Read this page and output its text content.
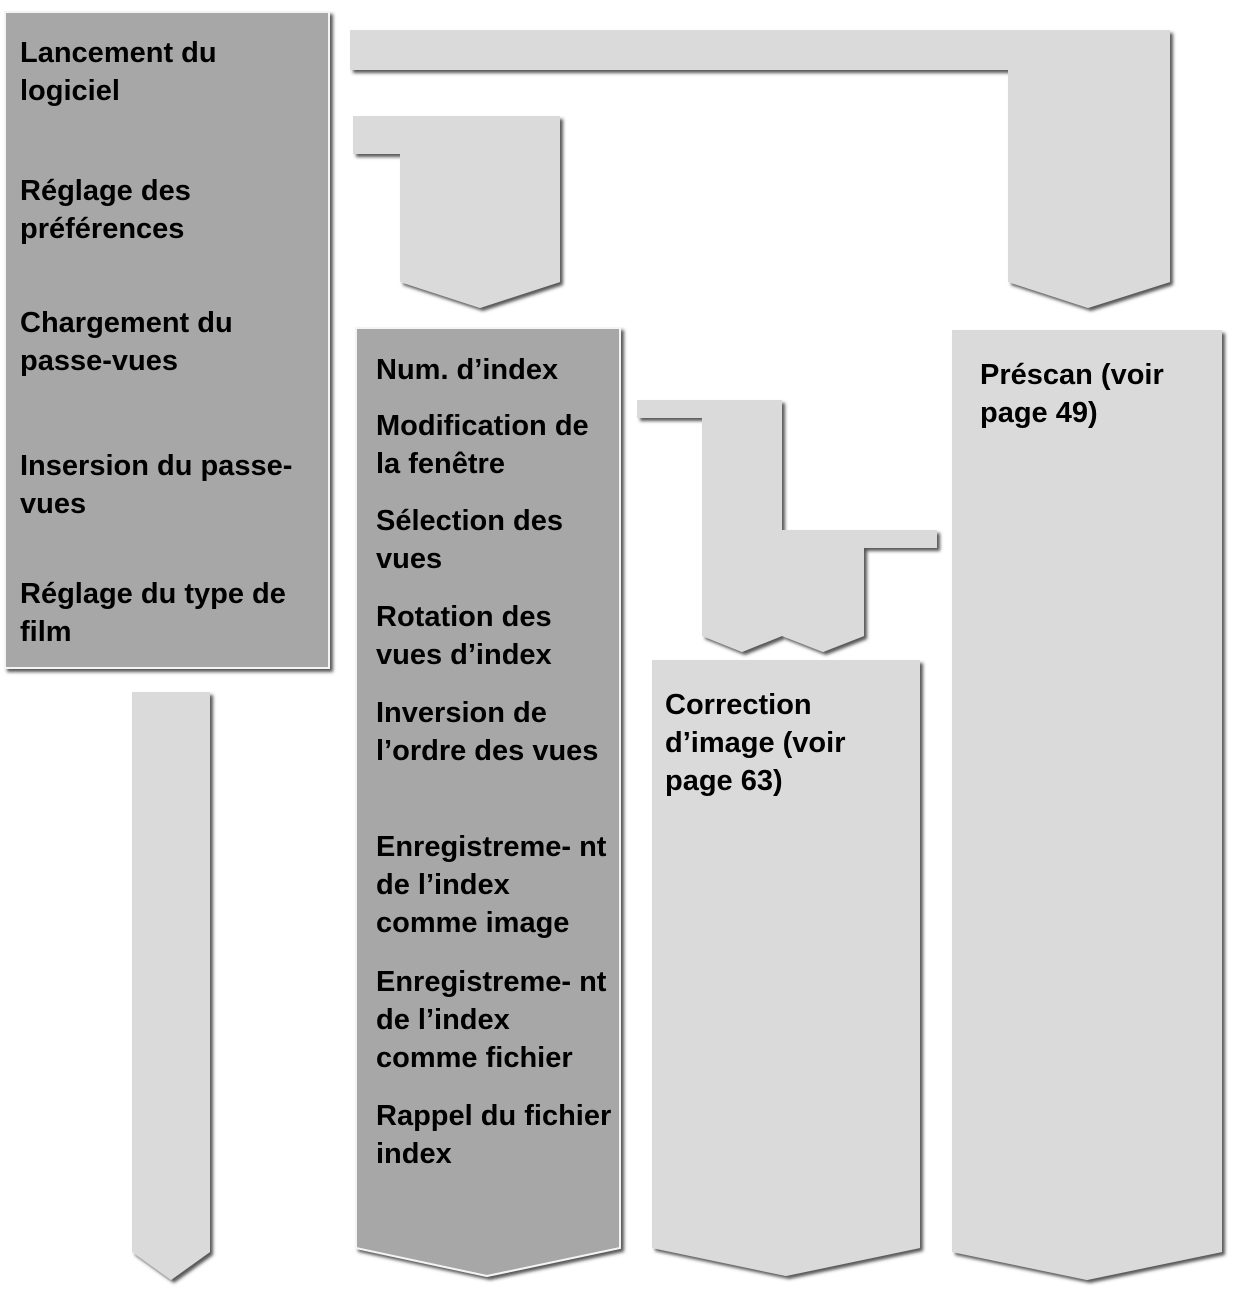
Lancement du logiciel
Réglage des préférences
Chargement du passe-vues
Insersion du passe-vues
Réglage du type de film
Num. d’index
Modification de la fenêtre
Sélection des vues
Rotation des vues d’index
Inversion de l’ordre des vues
Enregistreme- nt de l’index comme image
Enregistreme- nt de l’index comme fichier
Rappel du fichier index
Correction d’image (voir page 63)
Préscan (voir page 49)
